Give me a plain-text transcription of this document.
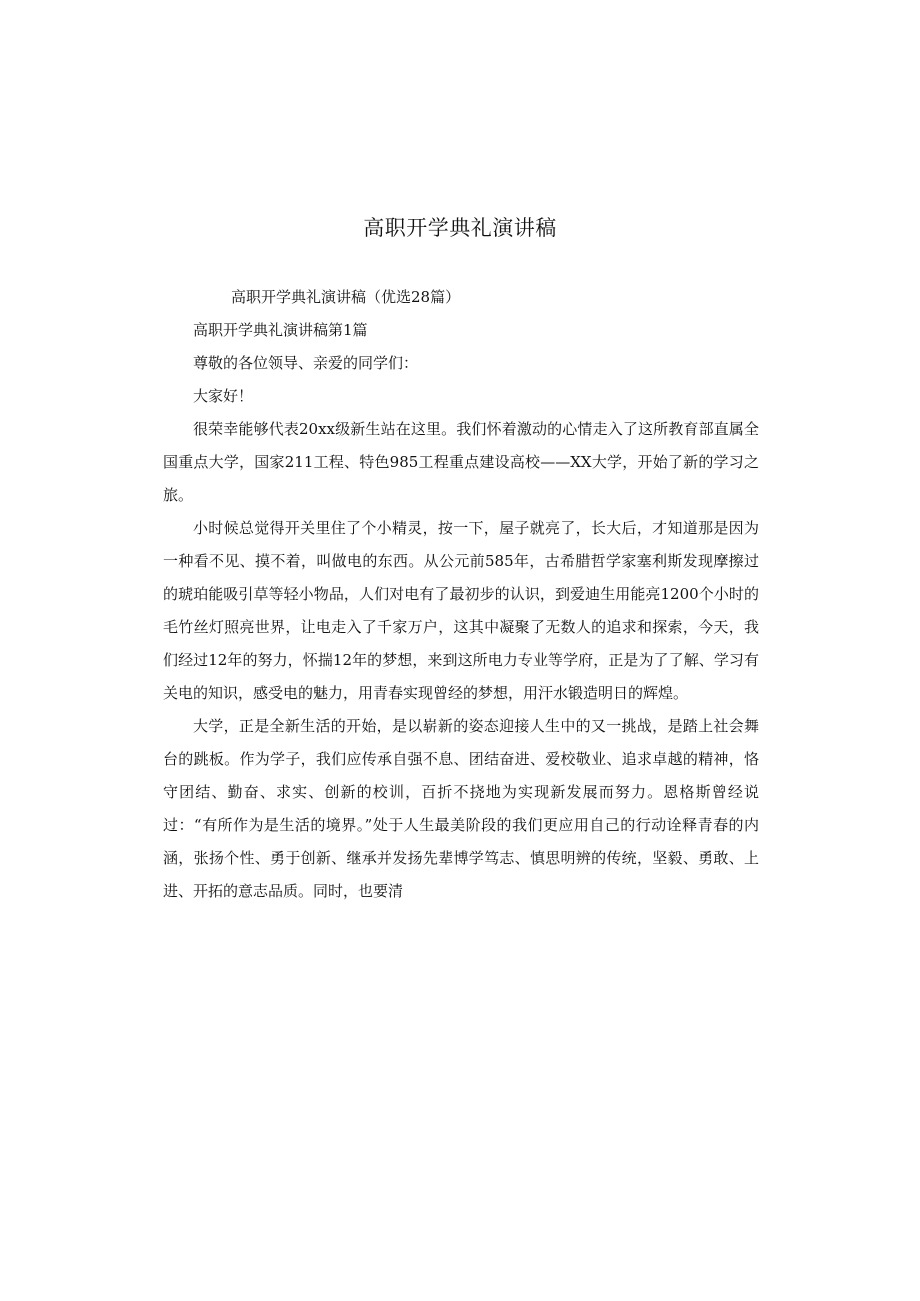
高职开学典礼演讲稿

高职开学典礼演讲稿（优选28篇）

高职开学典礼演讲稿第1篇

尊敬的各位领导、亲爱的同学们：

大家好！

很荣幸能够代表20xx级新生站在这里。我们怀着激动的心情走入了这所教育部直属全国重点大学，国家211工程、特色985工程重点建设高校——XX大学，开始了新的学习之旅。

小时候总觉得开关里住了个小精灵，按一下，屋子就亮了，长大后，才知道那是因为一种看不见、摸不着，叫做电的东西。从公元前585年，古希腊哲学家塞利斯发现摩擦过的琥珀能吸引草等轻小物品，人们对电有了最初步的认识，到爱迪生用能亮1200个小时的毛竹丝灯照亮世界，让电走入了千家万户，这其中凝聚了无数人的追求和探索，今天，我们经过12年的努力，怀揣12年的梦想，来到这所电力专业等学府，正是为了了解、学习有关电的知识，感受电的魅力，用青春实现曾经的梦想，用汗水锻造明日的辉煌。

大学，正是全新生活的开始，是以崭新的姿态迎接人生中的又一挑战，是踏上社会舞台的跳板。作为学子，我们应传承自强不息、团结奋进、爱校敬业、追求卓越的精神，恪守团结、勤奋、求实、创新的校训，百折不挠地为实现新发展而努力。恩格斯曾经说过：“有所作为是生活的境界。”处于人生最美阶段的我们更应用自己的行动诠释青春的内涵，张扬个性、勇于创新、继承并发扬先辈博学笃志、慎思明辨的传统，坚毅、勇敢、上进、开拓的意志品质。同时，也要清
